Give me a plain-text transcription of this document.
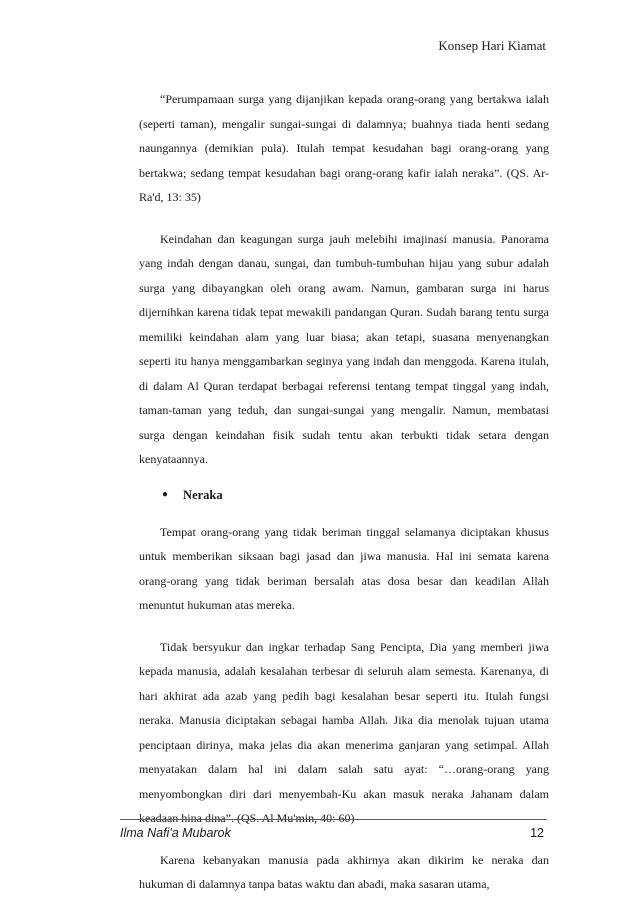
Konsep Hari Kiamat

“Perumpamaan surga yang dijanjikan kepada orang-orang yang bertakwa ialah (seperti taman), mengalir sungai-sungai di dalamnya; buahnya tiada henti sedang naungannya (demikian pula). Itulah tempat kesudahan bagi orang-orang yang bertakwa; sedang tempat kesudahan bagi orang-orang kafir ialah neraka”. (QS. Ar-Ra'd, 13: 35)

Keindahan dan keagungan surga jauh melebihi imajinasi manusia. Panorama yang indah dengan danau, sungai, dan tumbuh-tumbuhan hijau yang subur adalah surga yang dibayangkan oleh orang awam. Namun, gambaran surga ini harus dijernihkan karena tidak tepat mewakili pandangan Quran. Sudah barang tentu surga memiliki keindahan alam yang luar biasa; akan tetapi, suasana menyenangkan seperti itu hanya menggambarkan seginya yang indah dan menggoda. Karena itulah, di dalam Al Quran terdapat berbagai referensi tentang tempat tinggal yang indah, taman-taman yang teduh, dan sungai-sungai yang mengalir. Namun, membatasi surga dengan keindahan fisik sudah tentu akan terbukti tidak setara dengan kenyataannya.

● Neraka

Tempat orang-orang yang tidak beriman tinggal selamanya diciptakan khusus untuk memberikan siksaan bagi jasad dan jiwa manusia. Hal ini semata karena orang-orang yang tidak beriman bersalah atas dosa besar dan keadilan Allah menuntut hukuman atas mereka.

Tidak bersyukur dan ingkar terhadap Sang Pencipta, Dia yang memberi jiwa kepada manusia, adalah kesalahan terbesar di seluruh alam semesta. Karenanya, di hari akhirat ada azab yang pedih bagi kesalahan besar seperti itu. Itulah fungsi neraka. Manusia diciptakan sebagai hamba Allah. Jika dia menolak tujuan utama penciptaan dirinya, maka jelas dia akan menerima ganjaran yang setimpal. Allah menyatakan dalam hal ini dalam salah satu ayat: “…orang-orang yang menyombongkan diri dari menyembah-Ku akan masuk neraka Jahanam dalam keadaan hina dina”. (QS. Al Mu'min, 40: 60)

Karena kebanyakan manusia pada akhirnya akan dikirim ke neraka dan hukuman di dalamnya tanpa batas waktu dan abadi, maka sasaran utama,

Ilma Nafi'a Mubarok	12
